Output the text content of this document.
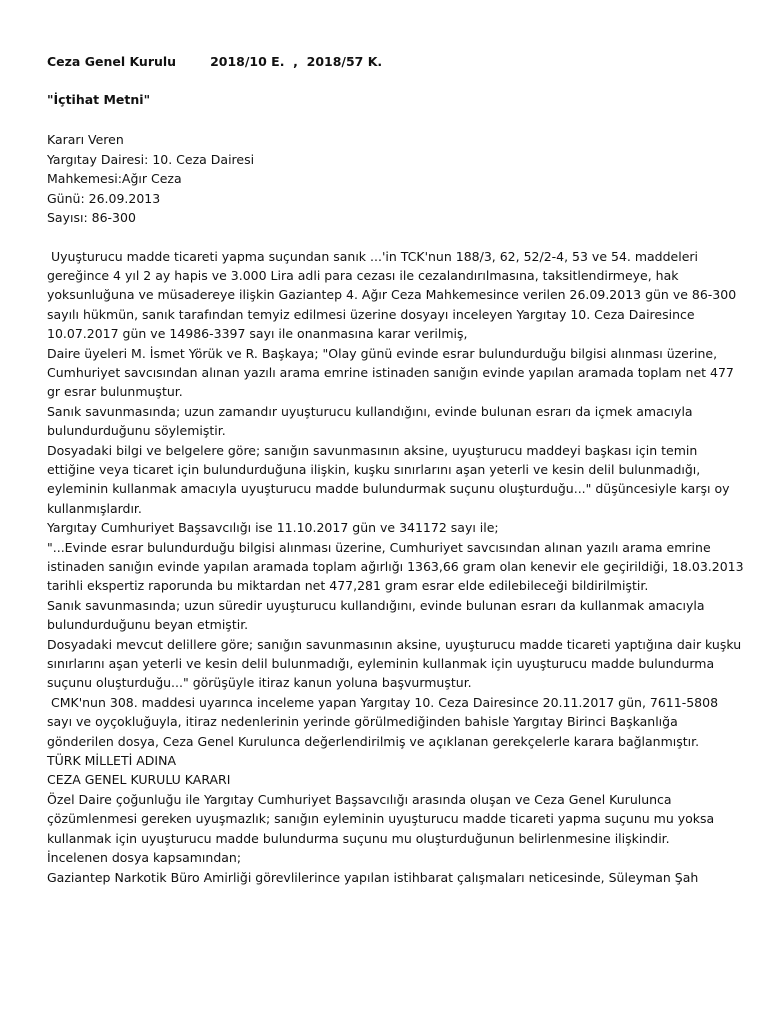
Ceza Genel Kurulu	2018/10 E.  ,  2018/57 K.
"İçtihat Metni"
Kararı Veren
Yargıtay Dairesi: 10. Ceza Dairesi
Mahkemesi:Ağır Ceza
Günü: 26.09.2013
Sayısı: 86-300

Uyuşturucu madde ticareti yapma suçundan sanık ...'in TCK'nun 188/3, 62, 52/2-4, 53 ve 54. maddeleri gereğince 4 yıl 2 ay hapis ve 3.000 Lira adli para cezası ile cezalandırılmasına, taksitlendirmeye, hak yoksunluğuna ve müsadereye ilişkin Gaziantep 4. Ağır Ceza Mahkemesince verilen 26.09.2013 gün ve 86-300 sayılı hükmün, sanık tarafından temyiz edilmesi üzerine dosyayı inceleyen Yargıtay 10. Ceza Dairesince 10.07.2017 gün ve 14986-3397 sayı ile onanmasına karar verilmiş,

Daire üyeleri M. İsmet Yörük ve R. Başkaya; "Olay günü evinde esrar bulundurduğu bilgisi alınması üzerine, Cumhuriyet savcısından alınan yazılı arama emrine istinaden sanığın evinde yapılan aramada toplam net 477 gr esrar bulunmuştur.

Sanık savunmasında; uzun zamandır uyuşturucu kullandığını, evinde bulunan esrarı da içmek amacıyla bulundurduğunu söylemiştir.

Dosyadaki bilgi ve belgelere göre; sanığın savunmasının aksine, uyuşturucu maddeyi başkası için temin ettiğine veya ticaret için bulundurduğuna ilişkin, kuşku sınırlarını aşan yeterli ve kesin delil bulunmadığı, eyleminin kullanmak amacıyla uyuşturucu madde bulundurmak suçunu oluşturduğu..." düşüncesiyle karşı oy kullanmışlardır.

Yargıtay Cumhuriyet Başsavcılığı ise 11.10.2017 gün ve 341172 sayı ile;

"...Evinde esrar bulundurduğu bilgisi alınması üzerine, Cumhuriyet savcısından alınan yazılı arama emrine istinaden sanığın evinde yapılan aramada toplam ağırlığı 1363,66 gram olan kenevir ele geçirildiği, 18.03.2013 tarihli ekspertiz raporunda bu miktardan net 477,281 gram esrar elde edilebileceği bildirilmiştir.

Sanık savunmasında; uzun süredir uyuşturucu kullandığını, evinde bulunan esrarı da kullanmak amacıyla bulundurduğunu beyan etmiştir.

Dosyadaki mevcut delillere göre; sanığın savunmasının aksine, uyuşturucu madde ticareti yaptığına dair kuşku sınırlarını aşan yeterli ve kesin delil bulunmadığı, eyleminin kullanmak için uyuşturucu madde bulundurma suçunu oluşturduğu..." görüşüyle itiraz kanun yoluna başvurmuştur.

CMK'nun 308. maddesi uyarınca inceleme yapan Yargıtay 10. Ceza Dairesince 20.11.2017 gün, 7611-5808 sayı ve oyçokluğuyla, itiraz nedenlerinin yerinde görülmediğinden bahisle Yargıtay Birinci Başkanlığa gönderilen dosya, Ceza Genel Kurulunca değerlendirilmiş ve açıklanan gerekçelerle karara bağlanmıştır.

TÜRK MİLLETİ ADINA

CEZA GENEL KURULU KARARI

Özel Daire çoğunluğu ile Yargıtay Cumhuriyet Başsavcılığı arasında oluşan ve Ceza Genel Kurulunca çözümlenmesi gereken uyuşmazlık; sanığın eyleminin uyuşturucu madde ticareti yapma suçunu mu yoksa kullanmak için uyuşturucu madde bulundurma suçunu mu oluşturduğunun belirlenmesine ilişkindir.

İncelenen dosya kapsamından;

Gaziantep Narkotik Büro Amirliği görevlilerince yapılan istihbarat çalışmaları neticesinde, Süleyman Şah
